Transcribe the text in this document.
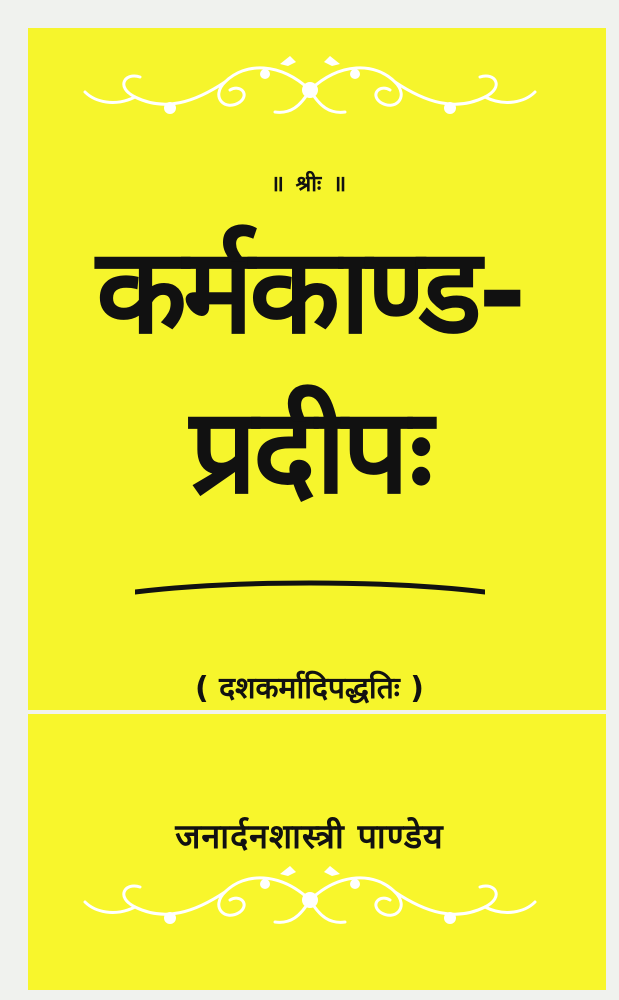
॥ श्रीः ॥
कर्मकाण्ड-
प्रदीपः
( दशकर्मादिपद्धतिः )
जनार्दनशास्त्री पाण्डेय
